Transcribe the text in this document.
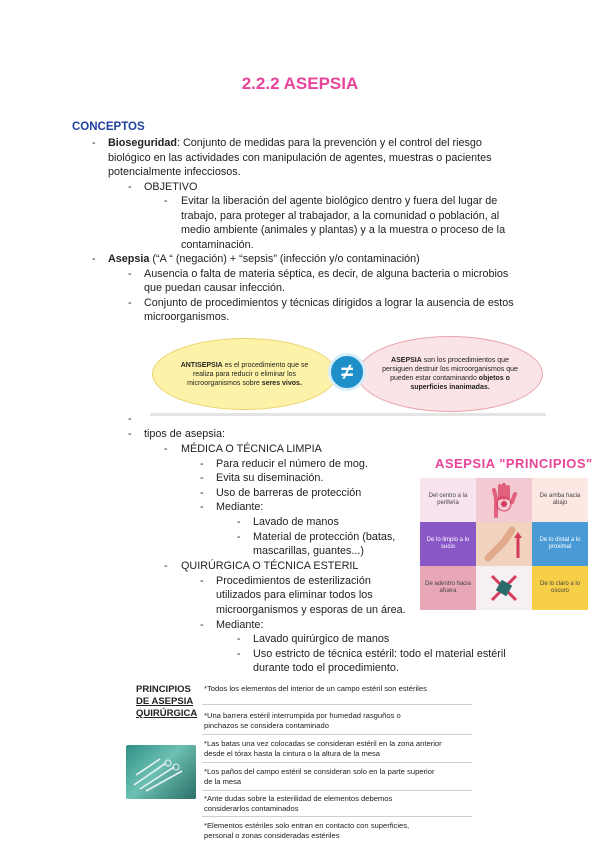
2.2.2 ASEPSIA
CONCEPTOS
- Bioseguridad: Conjunto de medidas para la prevención y el control del riesgo
biológico en las actividades con manipulación de agentes, muestras o pacientes
potencialmente infecciosos.
- OBJETIVO
- Evitar la liberación del agente biológico dentro y fuera del lugar de
trabajo, para proteger al trabajador, a la comunidad o población, al
medio ambiente (animales y plantas) y a la muestra o proceso de la
contaminación.
- Asepsia (“A “ (negación) + “sepsis” (infección y/o contaminación)
- Ausencia o falta de materia séptica, es decir, de alguna bacteria o microbios
que puedan causar infección.
- Conjunto de procedimientos y técnicas dirigidos a lograr la ausencia de estos
microorganismos.
ANTISEPSIA es el procedimiento que se realiza para reducir o eliminar los microorganismos sobre seres vivos.
ASEPSIA son los procedimientos que persiguen destruir los microorganismos que pueden estar contaminando objetos o superficies inanimadas.
≠
-
- tipos de asepsia:
- MÉDICA O TÉCNICA LIMPIA
- Para reducir el número de mog.
- Evita su diseminación.
- Uso de barreras de protección
- Mediante:
- Lavado de manos
- Material de protección (batas,
mascarillas, guantes...)
- QUIRÚRGICA O TÉCNICA ESTERIL
- Procedimientos de esterilización
utilizados para eliminar todos los
microorganismos y esporas de un área.
- Mediante:
- Lavado quirúrgico de manos
- Uso estricto de técnica estéril: todo el material estéril
durante todo el procedimiento.
ASEPSIA "PRINCIPIOS"
Del centro a la periferia
De arriba hacia abajo
De lo limpio a lo sucio
De lo distal a lo proximal
De adentro hacia afuera
De lo claro a lo oscuro
PRINCIPIOS
DE ASEPSIA
QUIRÚRGICA
*Todos los elementos del interior de un campo estéril son estériles
*Una barrera estéril interrumpida por humedad rasguños o
pinchazos se considera contaminado
*Las batas una vez colocadas se consideran estéril en la zona anterior
desde el tórax hasta la cintura o la altura de la mesa
*Los paños del campo estéril se consideran solo en la parte superior
de la mesa
*Ante dudas sobre la esterilidad de elementos debemos
considerarlos contaminados
*Elementos estériles solo entran en contacto con superficies,
personal o zonas consideradas estériles
